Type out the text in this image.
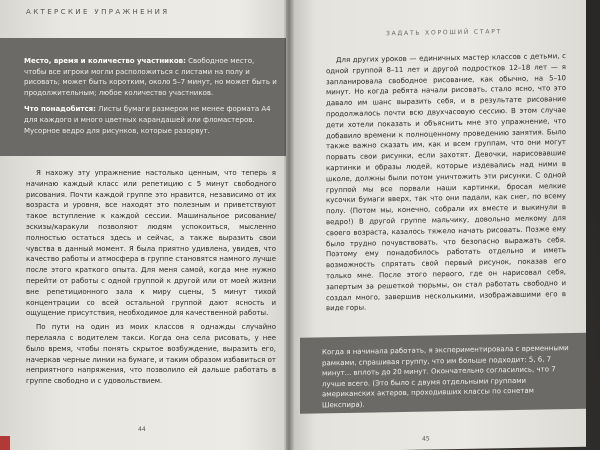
АКТЕРСКИЕ УПРАЖНЕНИЯ

Место, время и количество участников: Свободное место, чтобы все игроки могли расположиться с листами на полу и рисовать; может быть коротким, около 5–7 минут, но может быть и продолжительным; любое количество участников.

Что понадобится: Листы бумаги размером не менее формата А4 для каждого и много цветных карандашей или фломастеров. Мусорное ведро для рисунков, которые разорвут.

Я нахожу эту упражнение настолько ценным, что теперь я начинаю каждый класс или репетицию с 5 минут свободного рисования. Почти каждой группе это нравится, независимо от их возраста и уровня, все находят это полезным и приветствуют такое вступление к каждой сессии. Машинальное рисование/эскизы/каракули позволяют людям успокоиться, мысленно полностью остаться здесь и сейчас, а также выразить свои чувства в данный момент. Я была приятно удивлена, увидев, что качество работы и атмосфера в группе становятся намного лучше после этого краткого опыта. Для меня самой, когда мне нужно перейти от работы с одной группой к другой или от моей жизни вне репетиционного зала к миру сцены, 5 минут тихой концентрации со всей остальной группой дают ясность и ощущение присутствия, необходимое для качественной работы.

По пути на один из моих классов я однажды случайно перелаяла с водителем такси. Когда она села рисовать, у нее было время, чтобы понять скрытое возбуждение, выразить его, начеркав черные линии на бумаге, и таким образом избавиться от неприятного напряжения, что позволило ей дальше работать в группе свободно и с удовольствием.

44
ЗАДАТЬ ХОРОШИЙ СТАРТ

Для других уроков — единичных мастер классов с детьми, с одной группой 8–11 лет и другой подростков 12–18 лет — я запланировала свободное рисование, как обычно, на 5–10 минут. Но когда ребята начали рисовать, стало ясно, что это давало им шанс выразить себя, и в результате рисование продолжалось почти всю двухчасовую сессию. В этом случае дети хотели показать и объяснить мне это упражнение, что добавило времени к полноценному проведению занятия. Было также важно сказать им, как и всем группам, что они могут порвать свои рисунки, если захотят. Девочки, нарисовавшие картинки и образы людей, которые издевались над ними в школе, должны были потом уничтожить эти рисунки. С одной группой мы все порвали наши картинки, бросая мелкие кусочки бумаги вверх, так что они падали, как снег, по всему полу. (Потом мы, конечно, собрали их вместе и выкинули в ведро!) В другой группе мальчику, довольно мелкому для своего возраста, казалось тяжело начать рисовать. Позже ему было трудно почувствовать, что безопасно выражать себя. Поэтому ему понадобилось работать отдельно и иметь возможность спрятать свой первый рисунок, показав его только мне. После этого первого, где он нарисовал себя, запертым за решеткой тюрьмы, он стал работать свободно и создал много, завершив несколькими, изображавшими его в виде горы.

Когда я начинала работать, я экспериментировала с временными рамками, спрашивая группу, что им больше подходит: 5, 6, 7 минут... вплоть до 20 минут. Окончательно согласились, что 7 лучше всего. (Это было с двумя отдельными группами американских актеров, проходивших классы по сонетам Шекспира).

45
